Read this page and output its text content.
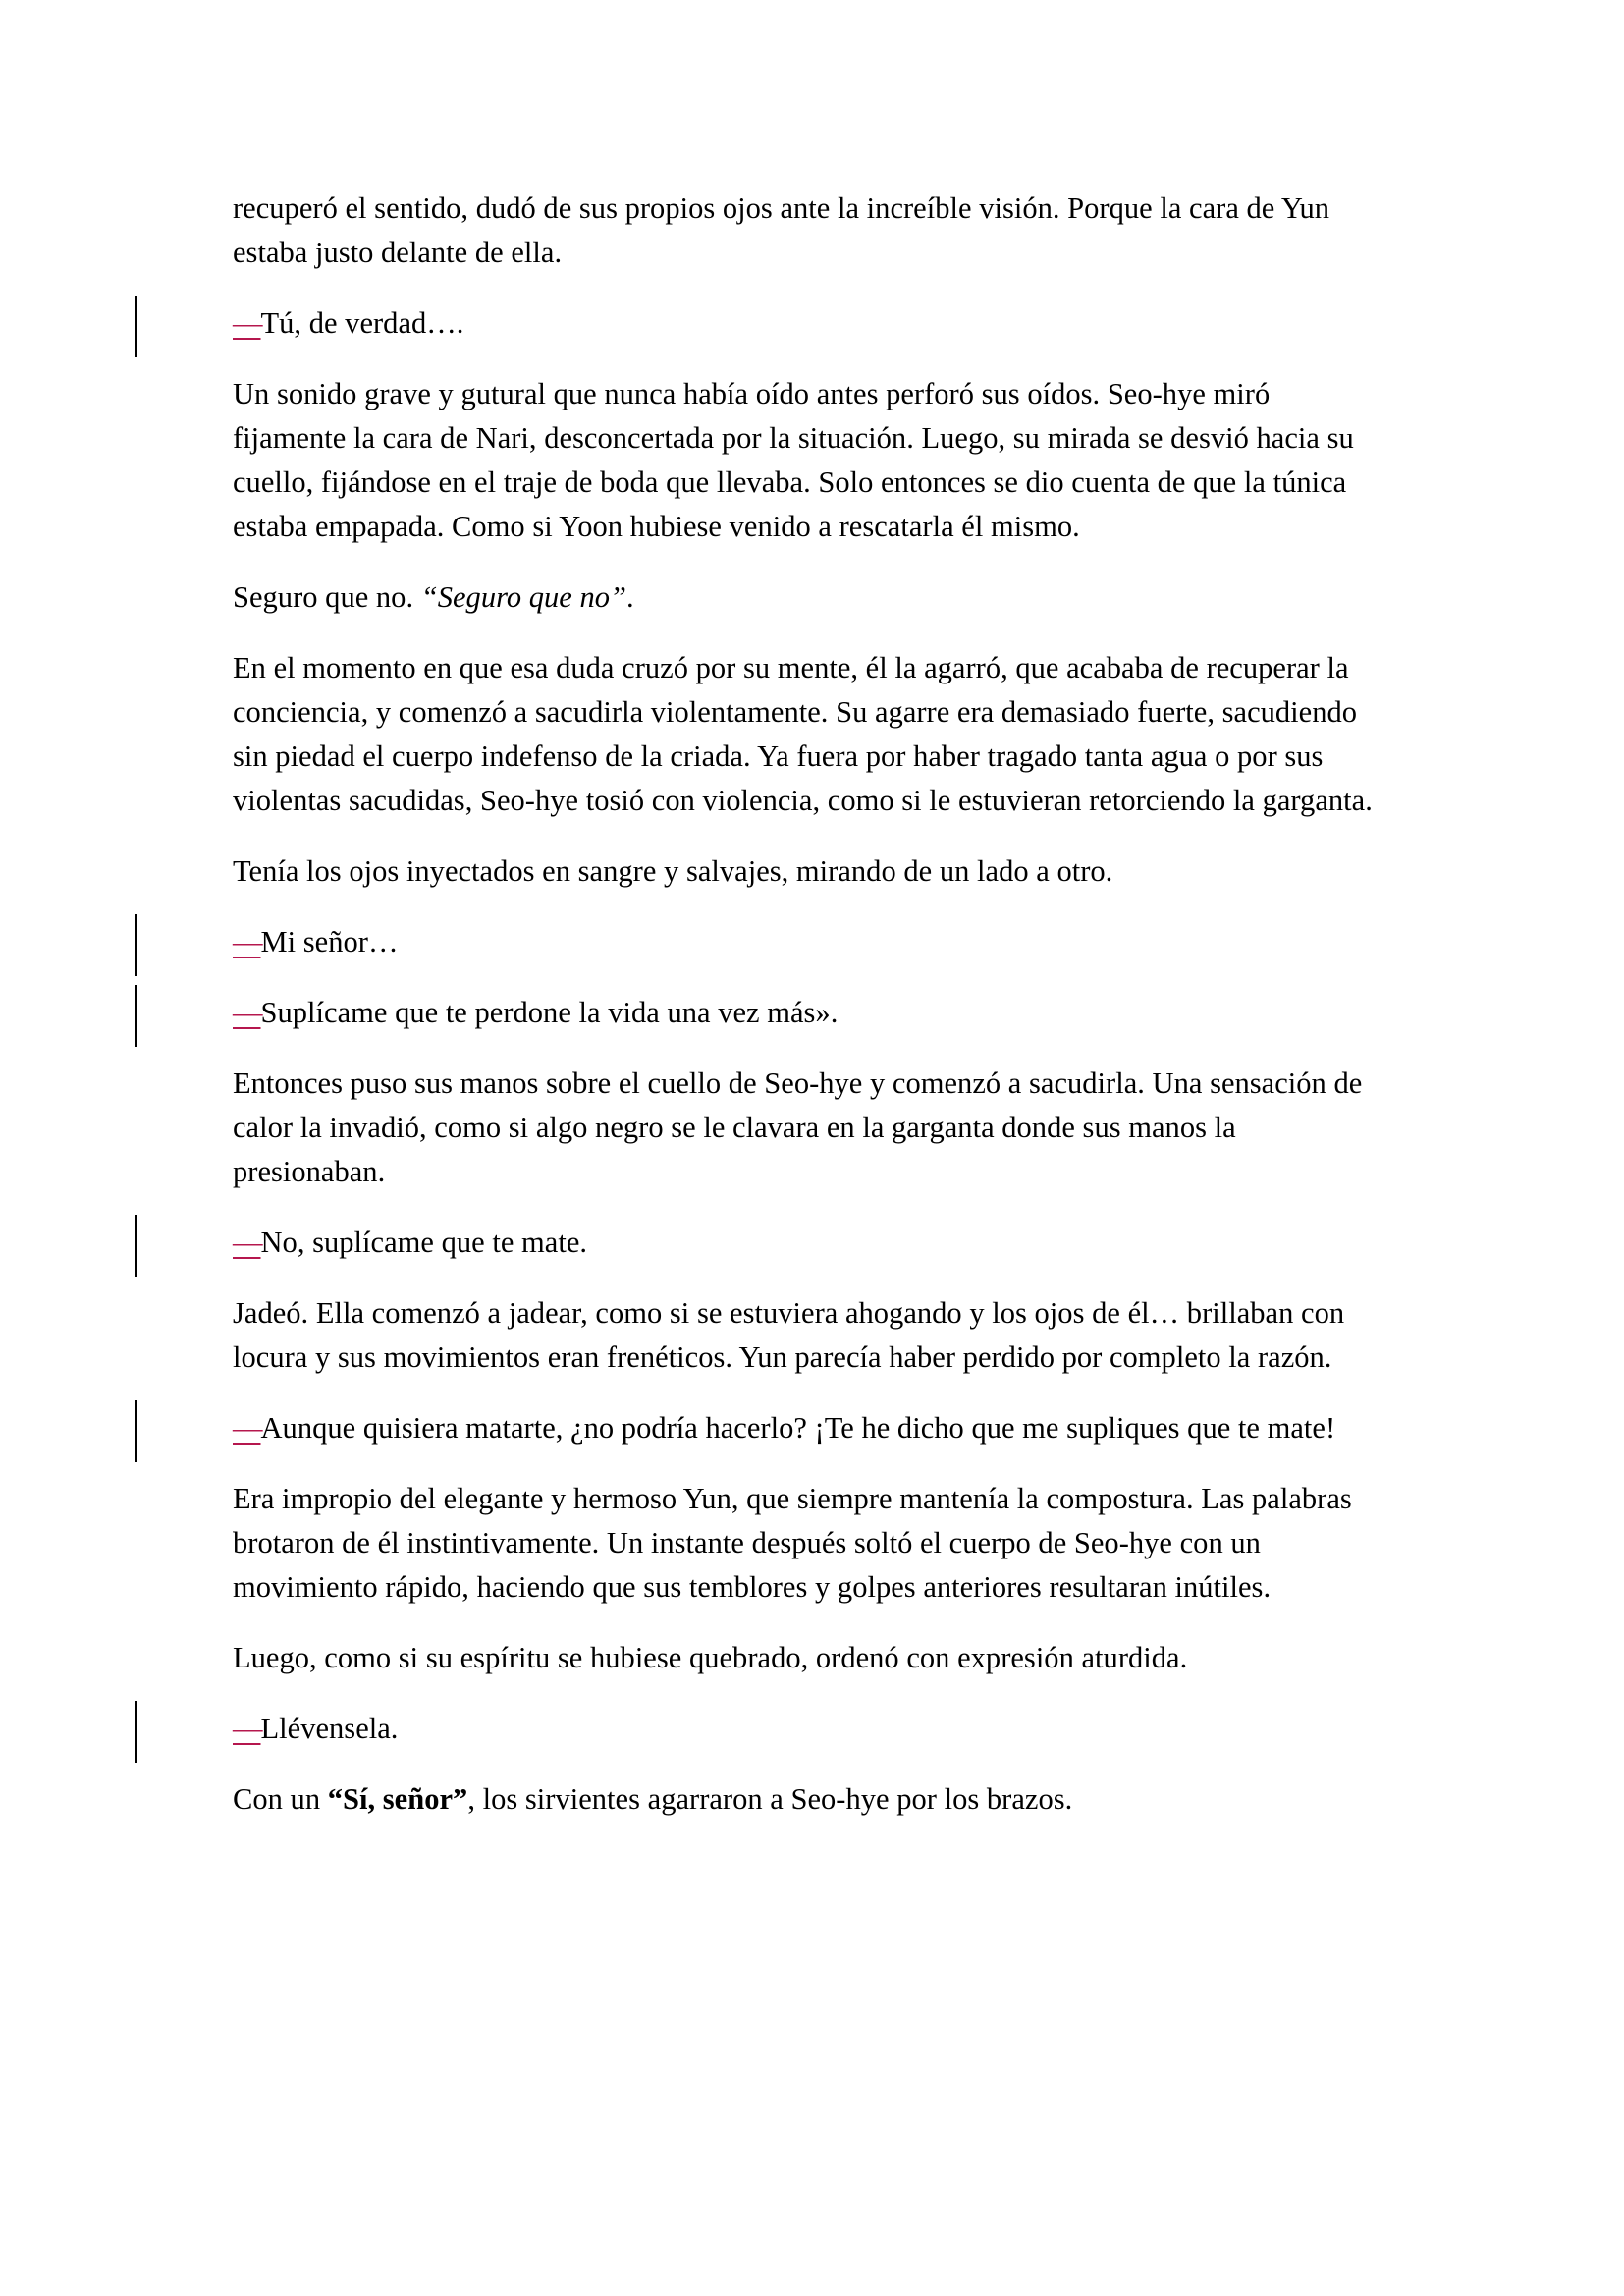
recuperó el sentido, dudó de sus propios ojos ante la increíble visión. Porque la cara de Yun estaba justo delante de ella.

—Tú, de verdad….

Un sonido grave y gutural que nunca había oído antes perforó sus oídos. Seo-hye miró fijamente la cara de Nari, desconcertada por la situación. Luego, su mirada se desvió hacia su cuello, fijándose en el traje de boda que llevaba. Solo entonces se dio cuenta de que la túnica estaba empapada. Como si Yoon hubiese venido a rescatarla él mismo.

Seguro que no. “Seguro que no”.

En el momento en que esa duda cruzó por su mente, él la agarró, que acababa de recuperar la conciencia, y comenzó a sacudirla violentamente. Su agarre era demasiado fuerte, sacudiendo sin piedad el cuerpo indefenso de la criada. Ya fuera por haber tragado tanta agua o por sus violentas sacudidas, Seo-hye tosió con violencia, como si le estuvieran retorciendo la garganta.

Tenía los ojos inyectados en sangre y salvajes, mirando de un lado a otro.

—Mi señor…

—Suplícame que te perdone la vida una vez más».

Entonces puso sus manos sobre el cuello de Seo-hye y comenzó a sacudirla. Una sensación de calor la invadió, como si algo negro se le clavara en la garganta donde sus manos la presionaban.

—No, suplícame que te mate.

Jadeó. Ella comenzó a jadear, como si se estuviera ahogando y los ojos de él… brillaban con locura y sus movimientos eran frenéticos. Yun parecía haber perdido por completo la razón.

—Aunque quisiera matarte, ¿no podría hacerlo? ¡Te he dicho que me supliques que te mate!

Era impropio del elegante y hermoso Yun, que siempre mantenía la compostura. Las palabras brotaron de él instintivamente. Un instante después soltó el cuerpo de Seo-hye con un movimiento rápido, haciendo que sus temblores y golpes anteriores resultaran inútiles.

Luego, como si su espíritu se hubiese quebrado, ordenó con expresión aturdida.

—Llévensela.

Con un “Sí, señor”, los sirvientes agarraron a Seo-hye por los brazos.
